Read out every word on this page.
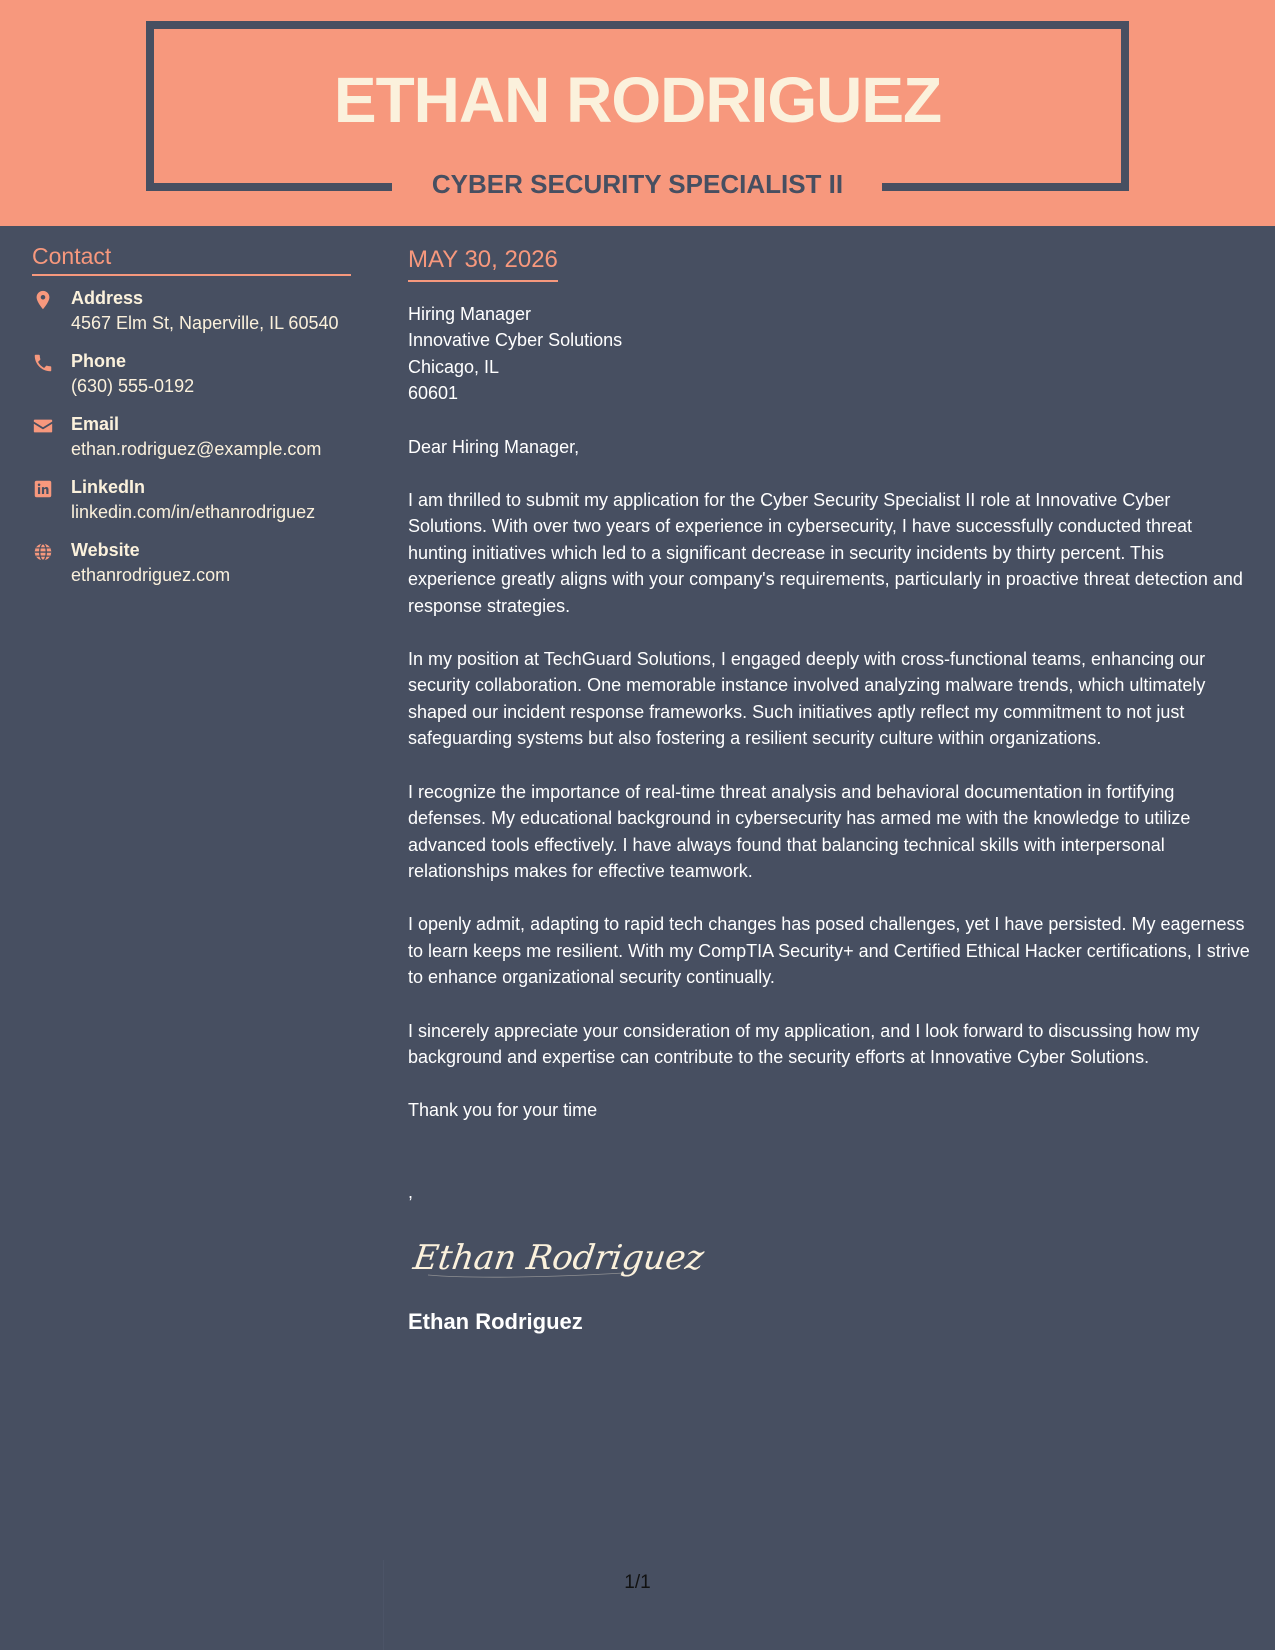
ETHAN RODRIGUEZ
CYBER SECURITY SPECIALIST II
Contact
Address
4567 Elm St, Naperville, IL 60540
Phone
(630) 555-0192
Email
ethan.rodriguez@example.com
LinkedIn
linkedin.com/in/ethanrodriguez
Website
ethanrodriguez.com
MAY 30, 2026

Hiring Manager

Innovative Cyber Solutions

Chicago, IL

60601

Dear Hiring Manager,

I am thrilled to submit my application for the Cyber Security Specialist II role at Innovative Cyber Solutions. With over two years of experience in cybersecurity, I have successfully conducted threat hunting initiatives which led to a significant decrease in security incidents by thirty percent. This experience greatly aligns with your company's requirements, particularly in proactive threat detection and response strategies.

In my position at TechGuard Solutions, I engaged deeply with cross-functional teams, enhancing our security collaboration. One memorable instance involved analyzing malware trends, which ultimately shaped our incident response frameworks. Such initiatives aptly reflect my commitment to not just safeguarding systems but also fostering a resilient security culture within organizations.

I recognize the importance of real-time threat analysis and behavioral documentation in fortifying defenses. My educational background in cybersecurity has armed me with the knowledge to utilize advanced tools effectively. I have always found that balancing technical skills with interpersonal relationships makes for effective teamwork.

I openly admit, adapting to rapid tech changes has posed challenges, yet I have persisted. My eagerness to learn keeps me resilient. With my CompTIA Security+ and Certified Ethical Hacker certifications, I strive to enhance organizational security continually.

I sincerely appreciate your consideration of my application, and I look forward to discussing how my background and expertise can contribute to the security efforts at Innovative Cyber Solutions.

Thank you for your time

,

Ethan Rodriguez
Ethan Rodriguez
1/1
